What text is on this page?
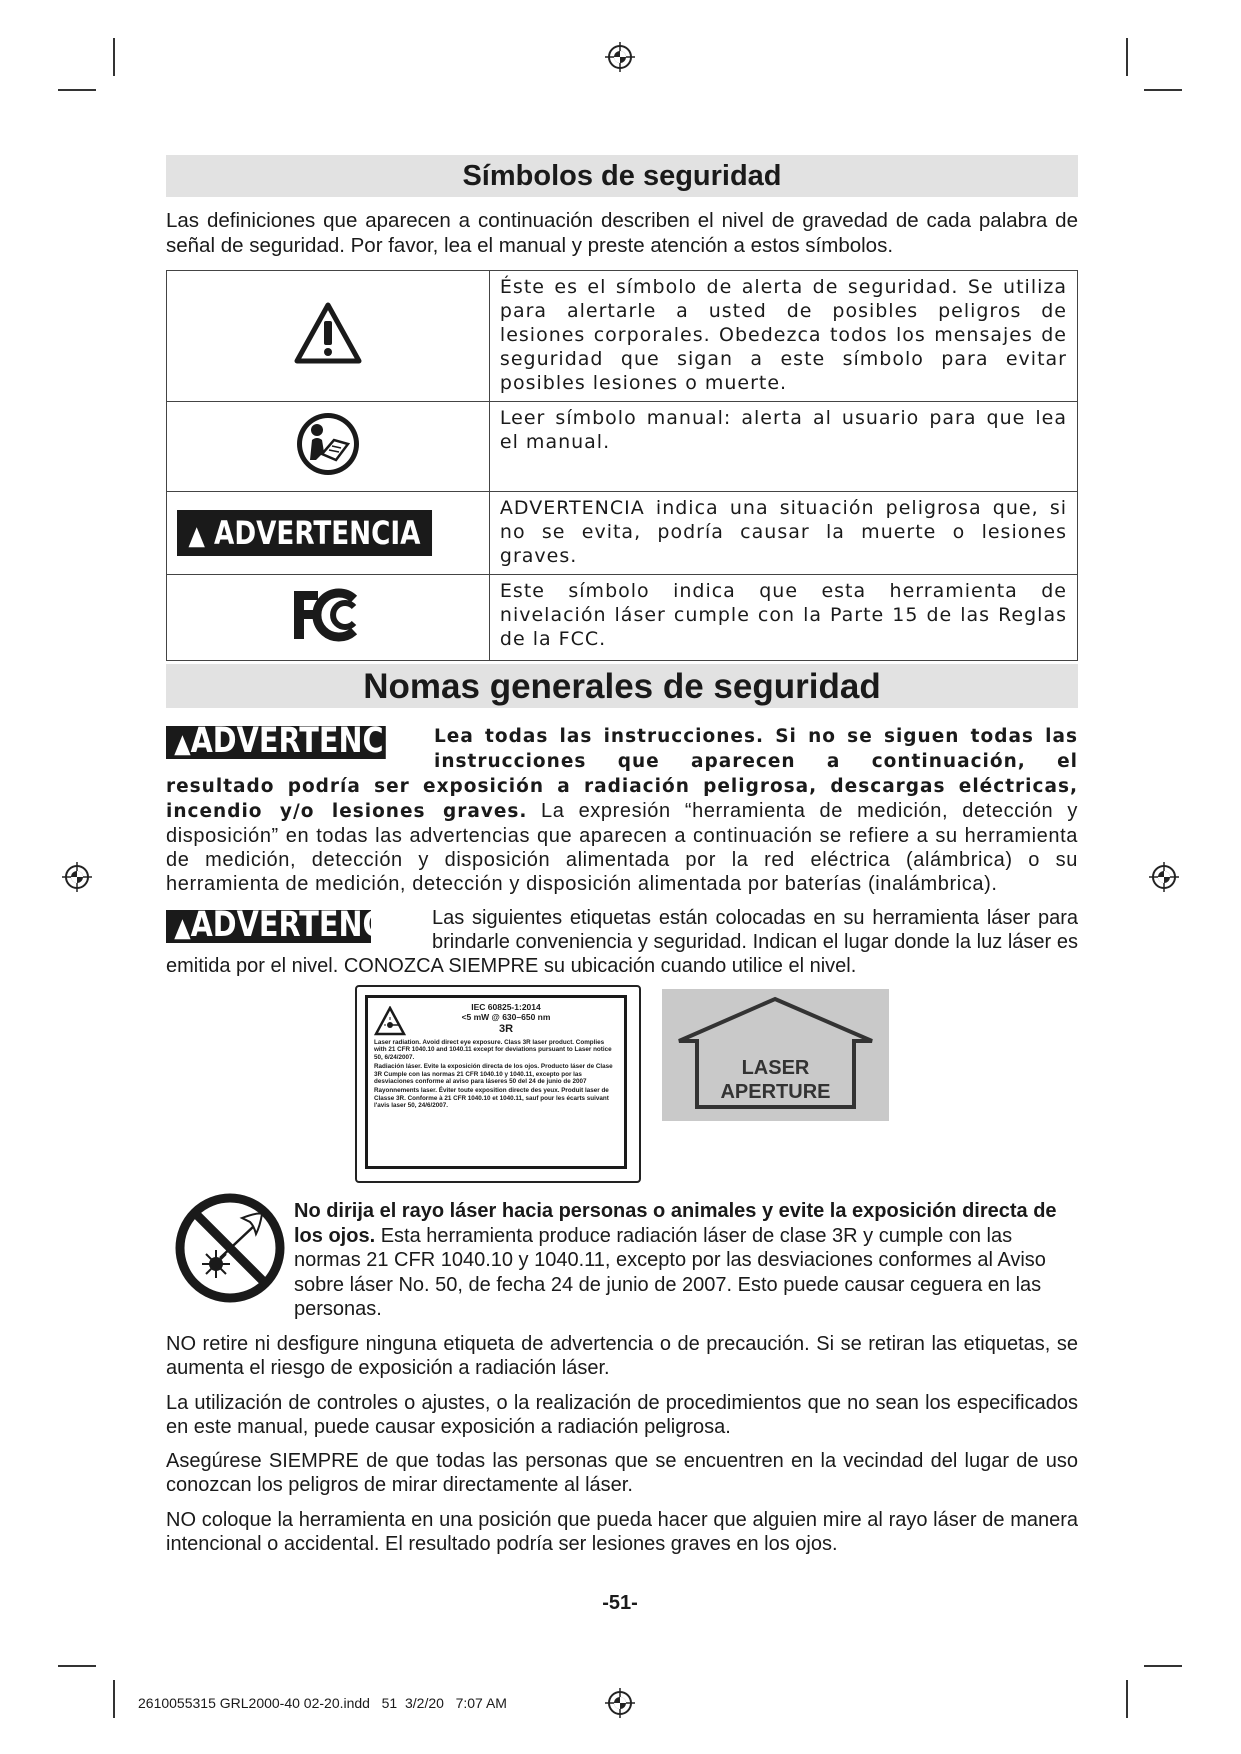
Símbolos de seguridad
Las definiciones que aparecen a continuación describen el nivel de gravedad de cada palabra de señal de seguridad. Por favor, lea el manual y preste atención a estos símbolos.
	Éste es el símbolo de alerta de seguridad. Se utiliza para alertarle a usted de posibles peligros de lesiones corporales. Obedezca todos los mensajes de seguridad que sigan a este símbolo para evitar posibles lesiones o muerte.
	Leer símbolo manual: alerta al usuario para que lea el manual.
▲ ADVERTENCIA	ADVERTENCIA indica una situación peligrosa que, si no se evita, podría causar la muerte o lesiones graves.
	Este símbolo indica que esta herramienta de nivelación láser cumple con la Parte 15 de las Reglas de la FCC.
Nomas generales de seguridad
▲ADVERTENCIA Lea todas las instrucciones. Si no se siguen todas las instrucciones que aparecen a continuación, el resultado podría ser exposición a radiación peligrosa, descargas eléctricas, incendio y/o lesiones graves. La expresión “herramienta de medición, detección y disposición” en todas las advertencias que aparecen a continuación se refiere a su herramienta de medición, detección y disposición alimentada por la red eléctrica (alámbrica) o su herramienta de medición, detección y disposición alimentada por baterías (inalámbrica).
▲ADVERTENCIA Las siguientes etiquetas están colocadas en su herramienta láser para brindarle conveniencia y seguridad. Indican el lugar donde la luz láser es emitida por el nivel. CONOZCA SIEMPRE su ubicación cuando utilice el nivel.
IEC 60825-1:2014
<5 mW @ 630–650 nm
3R
Laser radiation. Avoid direct eye exposure. Class 3R laser product. Complies with 21 CFR 1040.10 and 1040.11 except for deviations pursuant to Laser notice 50, 6/24/2007.
Radiación láser. Evite la exposición directa de los ojos. Producto láser de Clase 3R Cumple con las normas 21 CFR 1040.10 y 1040.11, excepto por las desviaciones conforme al aviso para láseres 50 del 24 de junio de 2007
Rayonnements laser. Éviter toute exposition directe des yeux. Produit laser de Classe 3R. Conforme à 21 CFR 1040.10 et 1040.11, sauf pour les écarts suivant l'avis laser 50, 24/6/2007.
LASER
APERTURE
No dirija el rayo láser hacia personas o animales y evite la exposición directa de los ojos. Esta herramienta produce radiación láser de clase 3R y cumple con las normas 21 CFR 1040.10 y 1040.11, excepto por las desviaciones conformes al Aviso sobre láser No. 50, de fecha 24 de junio de 2007. Esto puede causar ceguera en las personas.
NO retire ni desfigure ninguna etiqueta de advertencia o de precaución. Si se retiran las etiquetas, se aumenta el riesgo de exposición a radiación láser.
La utilización de controles o ajustes, o la realización de procedimientos que no sean los especificados en este manual, puede causar exposición a radiación peligrosa.
Asegúrese SIEMPRE de que todas las personas que se encuentren en la vecindad del lugar de uso conozcan los peligros de mirar directamente al láser.
NO coloque la herramienta en una posición que pueda hacer que alguien mire al rayo láser de manera intencional o accidental. El resultado podría ser lesiones graves en los ojos.
-51-
2610055315 GRL2000-40 02-20.indd   51  3/2/20   7:07 AM
